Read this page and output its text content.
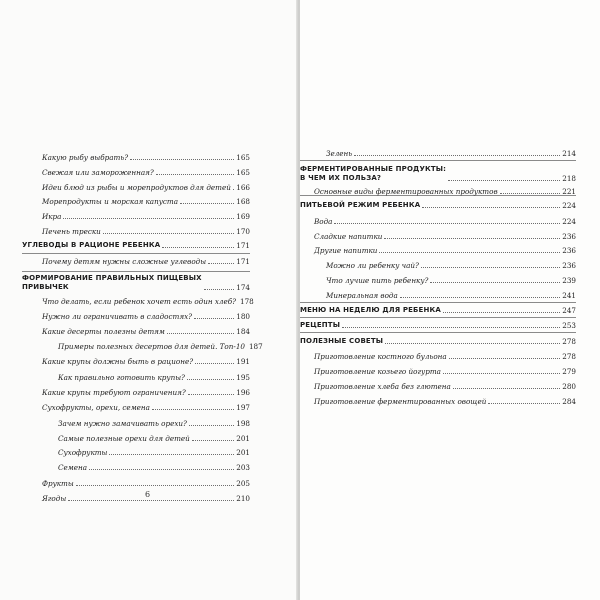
Какую рыбу выбрать?	165
Свежая или замороженная?	165
Идеи блюд из рыбы и морепродуктов для детей 166
Морепродукты и морская капуста	168
Икра	169
Печень трески	170
УГЛЕВОДЫ В РАЦИОНЕ РЕБЕНКА	171
Почему детям нужны сложные углеводы	171
ФОРМИРОВАНИЕ ПРАВИЛЬНЫХ ПИЩЕВЫХ
ПРИВЫЧЕК	174
Что делать, если ребенок хочет есть один хлеб? 178
Нужно ли ограничивать в сладостях?	180
Какие десерты полезны детям	184
Примеры полезных десертов для детей. Топ-10 187
Какие крупы должны быть в рационе?	191
Как правильно готовить крупы?	195
Какие крупы требуют ограничения?	196
Сухофрукты, орехи, семена	197
Зачем нужно замачивать орехи?	198
Самые полезные орехи для детей	201
Сухофрукты	201
Семена	203
Фрукты	205
Ягоды	210
6
Зелень	214
ФЕРМЕНТИРОВАННЫЕ ПРОДУКТЫ:
В ЧЕМ ИХ ПОЛЬЗА?	218
Основные виды ферментированных продуктов	221
ПИТЬЕВОЙ РЕЖИМ РЕБЕНКА	224
Вода	224
Сладкие напитки	236
Другие напитки	236
Можно ли ребенку чай?	236
Что лучше пить ребенку?	239
Минеральная вода	241
МЕНЮ НА НЕДЕЛЮ ДЛЯ РЕБЕНКА	247
РЕЦЕПТЫ	253
ПОЛЕЗНЫЕ СОВЕТЫ	278
Приготовление костного бульона	278
Приготовление козьего йогурта	279
Приготовление хлеба без глютена	280
Приготовление ферментированных овощей	284
